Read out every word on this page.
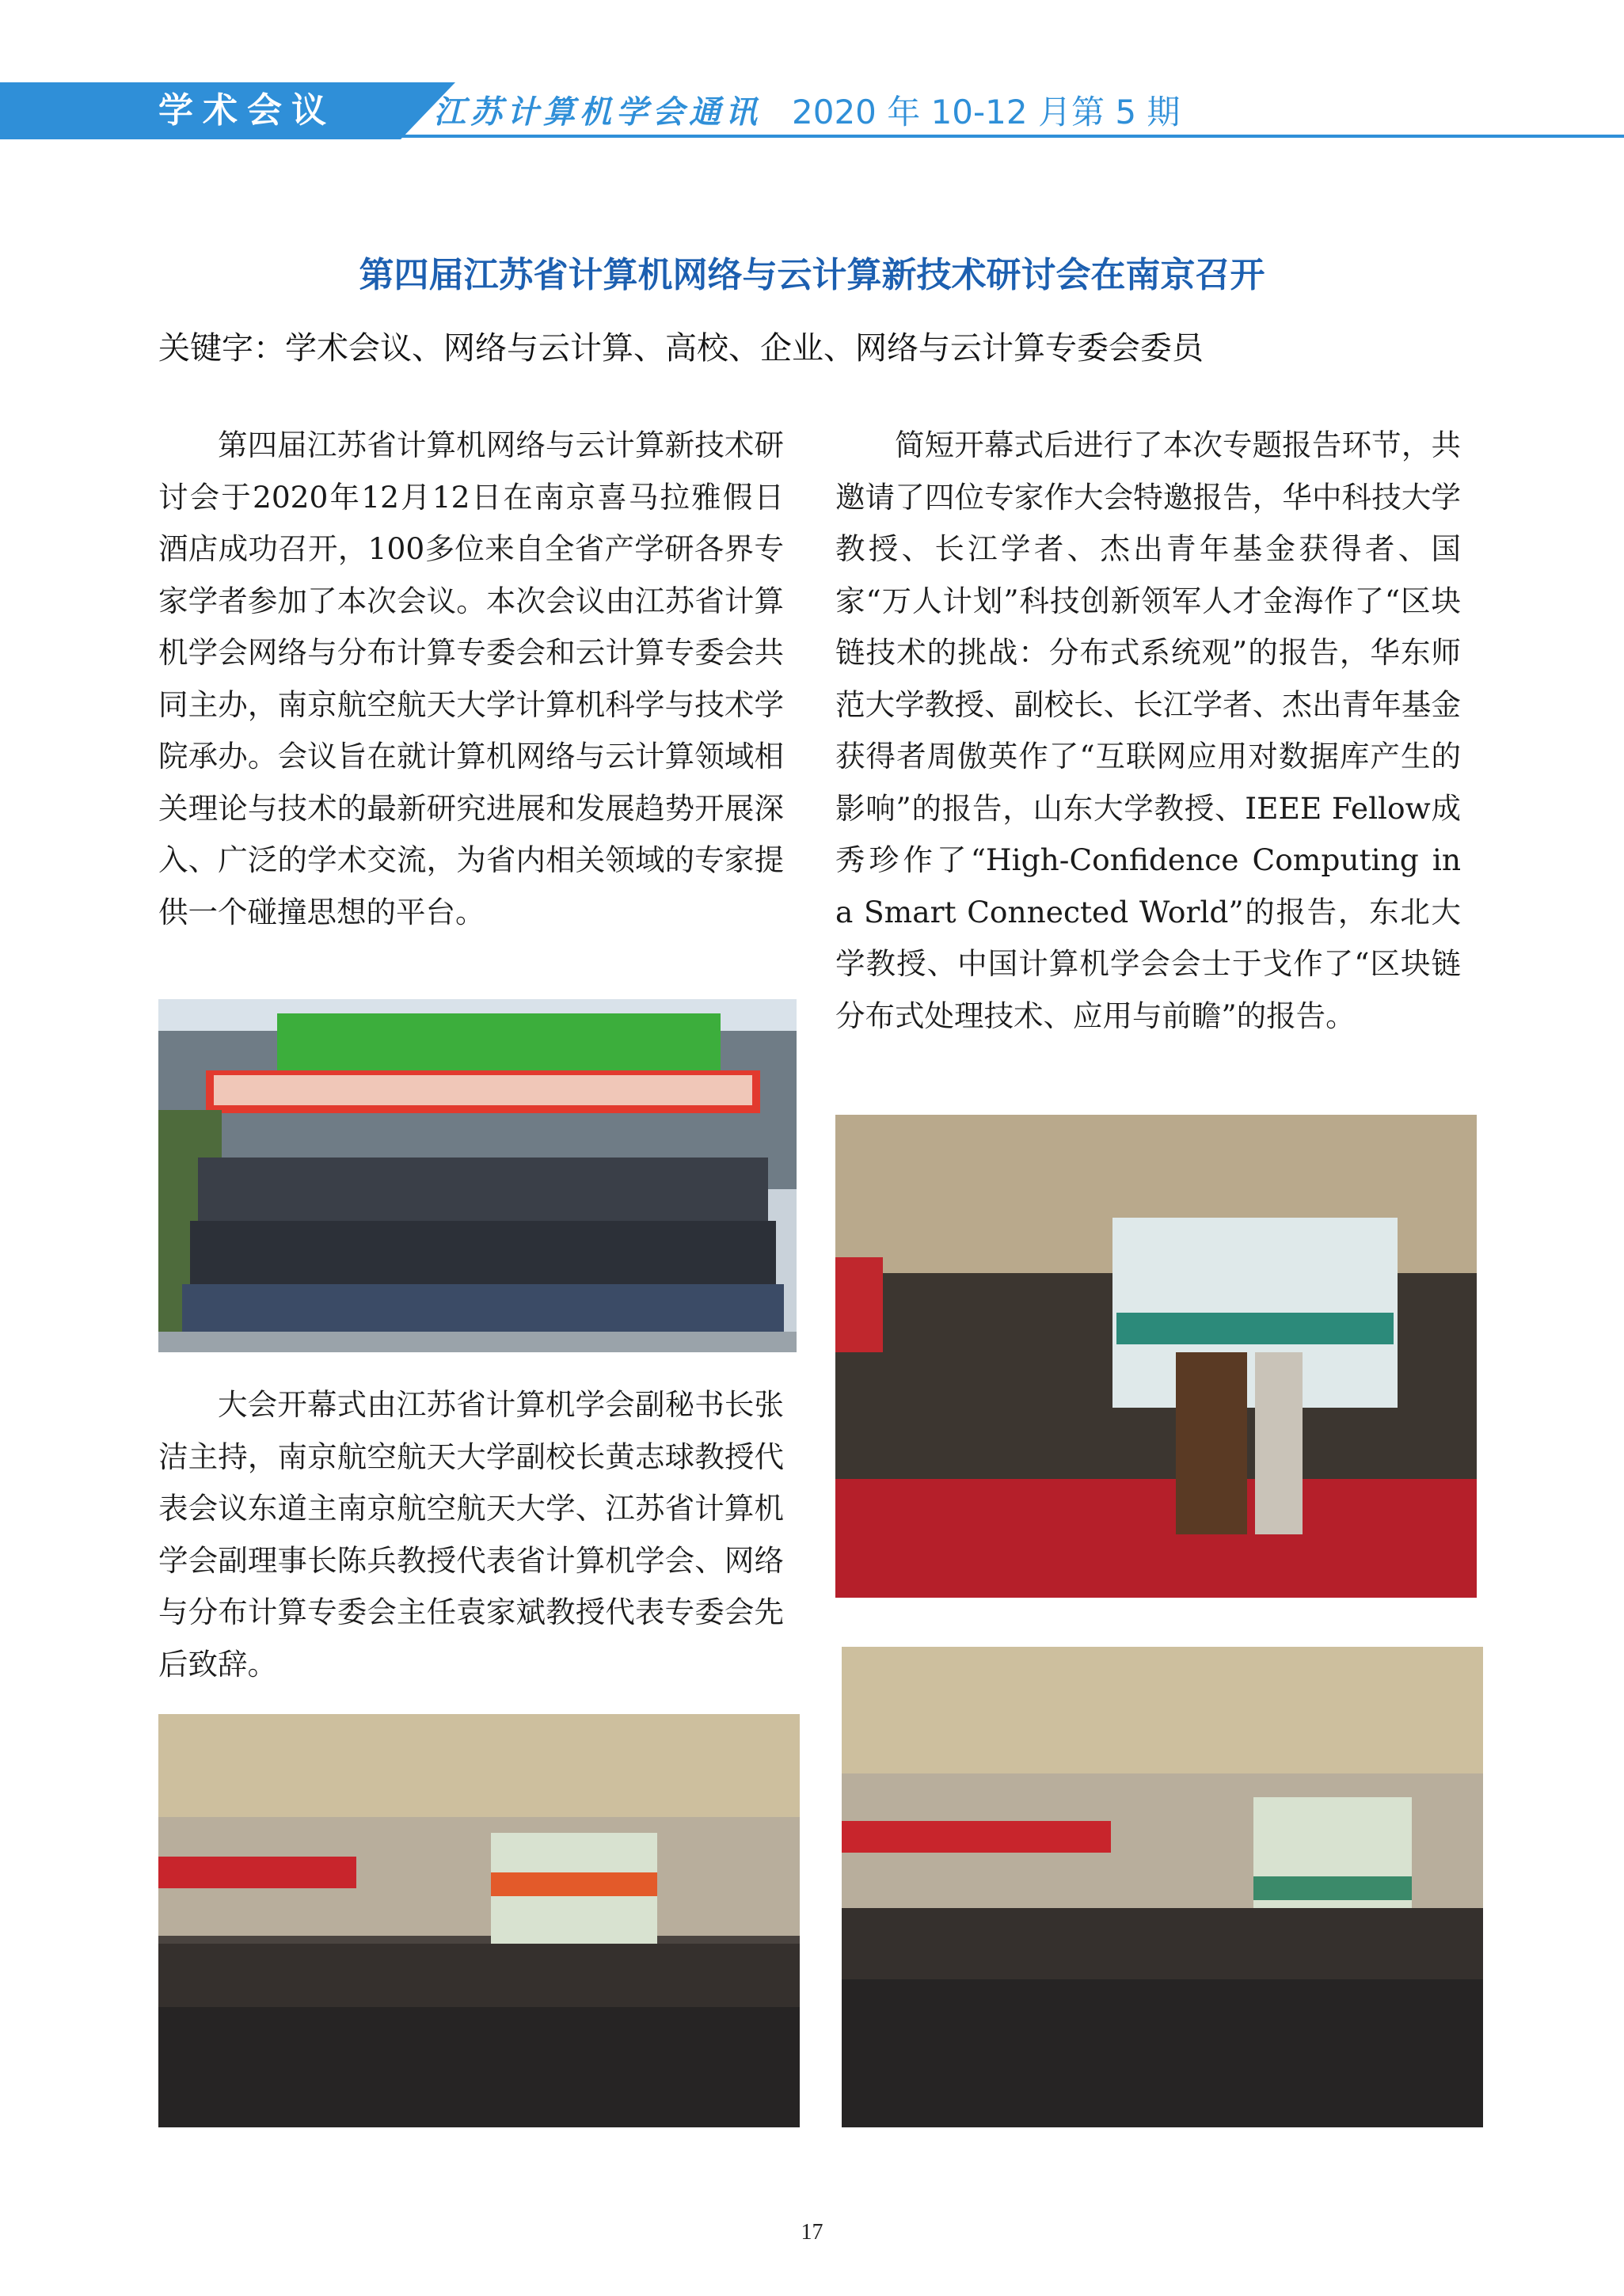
学术会议	江苏计算机学会通讯 2020 年 10-12 月第 5 期
第四届江苏省计算机网络与云计算新技术研讨会在南京召开
关键字：学术会议、网络与云计算、高校、企业、网络与云计算专委会委员

第四届江苏省计算机网络与云计算新技术研讨会于2020年12月12日在南京喜马拉雅假日酒店成功召开，100多位来自全省产学研各界专家学者参加了本次会议。本次会议由江苏省计算机学会网络与分布计算专委会和云计算专委会共同主办，南京航空航天大学计算机科学与技术学院承办。会议旨在就计算机网络与云计算领域相关理论与技术的最新研究进展和发展趋势开展深入、广泛的学术交流，为省内相关领域的专家提供一个碰撞思想的平台。

大会开幕式由江苏省计算机学会副秘书长张洁主持，南京航空航天大学副校长黄志球教授代表会议东道主南京航空航天大学、江苏省计算机学会副理事长陈兵教授代表省计算机学会、网络与分布计算专委会主任袁家斌教授代表专委会先后致辞。

简短开幕式后进行了本次专题报告环节，共邀请了四位专家作大会特邀报告，华中科技大学教授、长江学者、杰出青年基金获得者、国家“万人计划”科技创新领军人才金海作了“区块链技术的挑战：分布式系统观”的报告，华东师范大学教授、副校长、长江学者、杰出青年基金获得者周傲英作了“互联网应用对数据库产生的影响”的报告，山东大学教授、IEEE Fellow成秀珍作了“High-Confidence Computing in a Smart Connected World”的报告，东北大学教授、中国计算机学会会士于戈作了“区块链分布式处理技术、应用与前瞻”的报告。

17
